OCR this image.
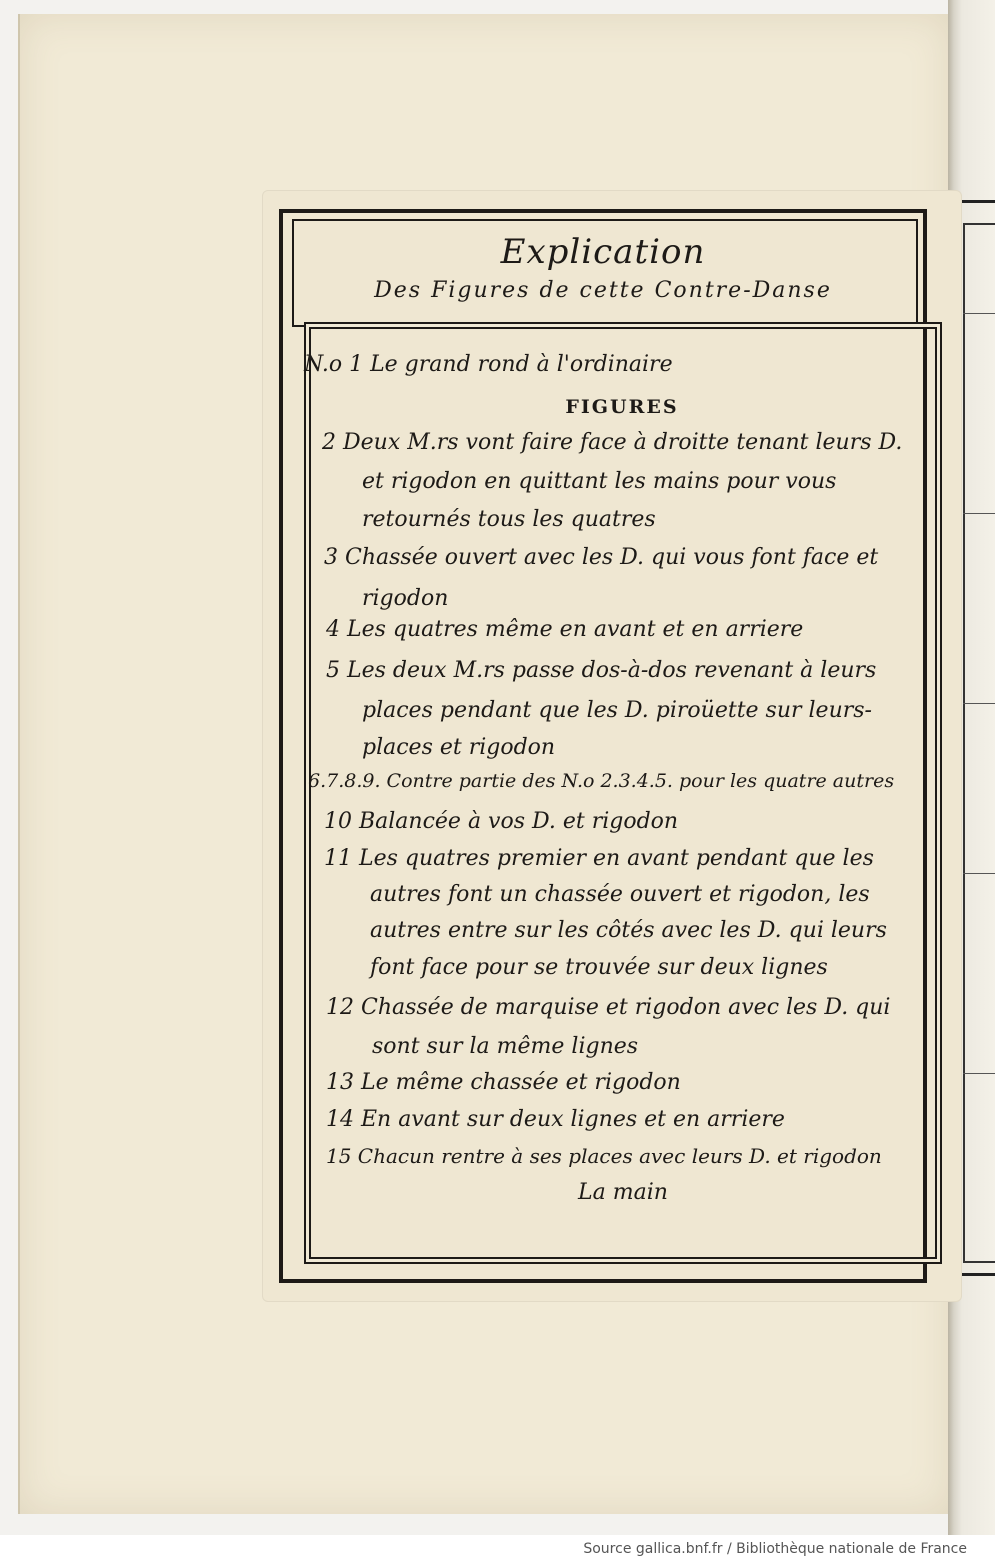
Explication
Des Figures de cette Contre-Danse
FIGURES
N.o 1 Le grand rond à l'ordinaire
2 Deux M.rs vont faire face à droitte tenant leurs D.
et rigodon en quittant les mains pour vous
retournés tous les quatres
3 Chassée ouvert avec les D. qui vous font face et
rigodon
4 Les quatres même en avant et en arriere
5 Les deux M.rs passe dos-à-dos revenant à leurs
places pendant que les D. piroüette sur leurs-
places et rigodon
6.7.8.9. Contre partie des N.o 2.3.4.5. pour les quatre autres
10 Balancée à vos D. et rigodon
11 Les quatres premier en avant pendant que les
autres font un chassée ouvert et rigodon, les
autres entre sur les côtés avec les D. qui leurs
font face pour se trouvée sur deux lignes
12 Chassée de marquise et rigodon avec les D. qui
sont sur la même lignes
13 Le même chassée et rigodon
14 En avant sur deux lignes et en arriere
15 Chacun rentre à ses places avec leurs D. et rigodon
La main
Source gallica.bnf.fr / Bibliothèque nationale de France
